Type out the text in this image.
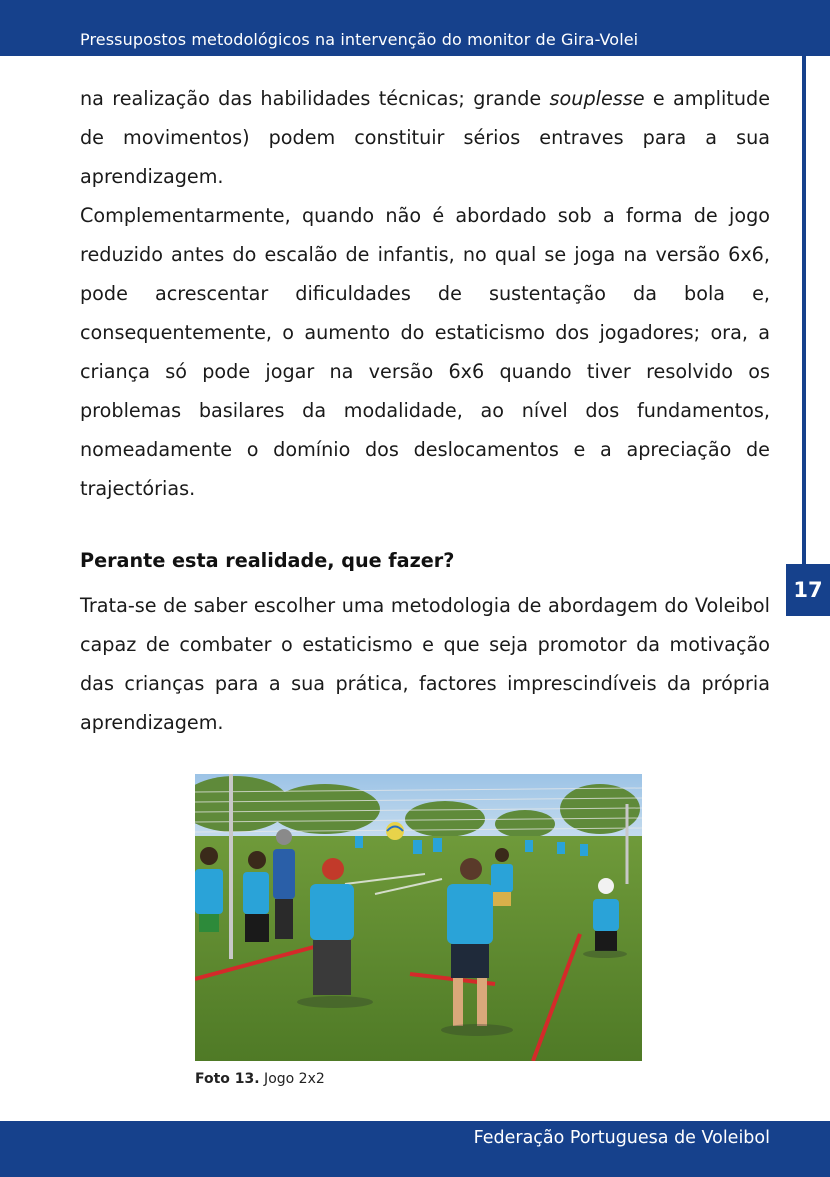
Pressupostos metodológicos na intervenção do monitor de Gira-Volei
17

na realização das habilidades técnicas; grande souplesse e amplitude de movimentos) podem constituir sérios entraves para a sua aprendizagem.

Complementarmente, quando não é abordado sob a forma de jogo reduzido antes do escalão de infantis, no qual se joga na versão 6x6, pode acrescentar dificuldades de sustentação da bola e, consequentemente, o aumento do estaticismo dos jogadores; ora, a criança só pode jogar na versão 6x6 quando tiver resolvido os problemas basilares da modalidade, ao nível dos fundamentos, nomeadamente o domínio dos deslocamentos e a apreciação de trajectórias.

Perante esta realidade, que fazer?

Trata-se de saber escolher uma metodologia de abordagem do Voleibol capaz de combater o estaticismo e que seja promotor da motivação das crianças para a sua prática, factores imprescindíveis da própria aprendizagem.

Foto 13. Jogo 2x2
Federação Portuguesa de Voleibol
